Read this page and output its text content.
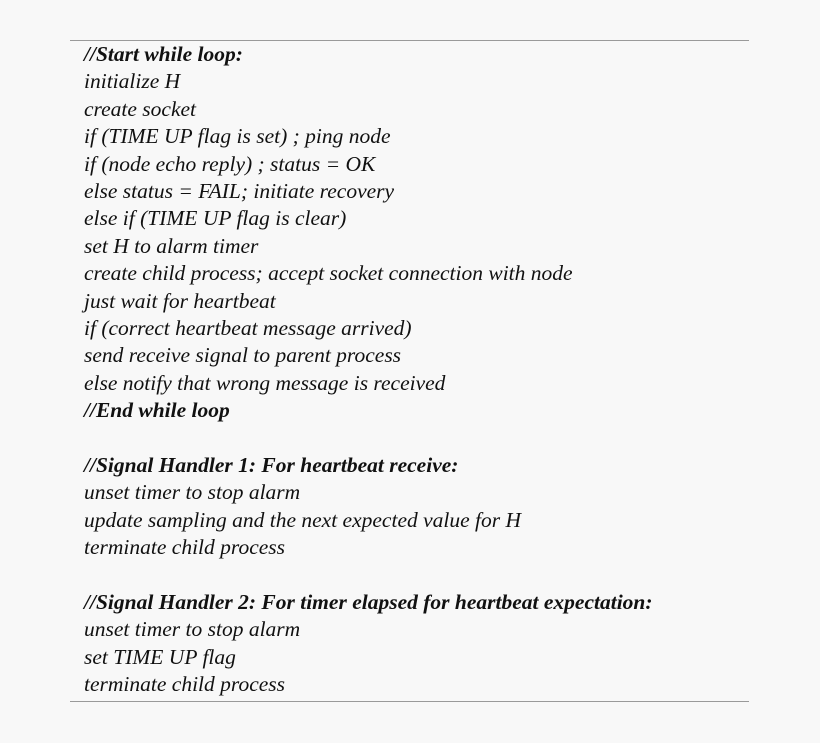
//Start while loop:
initialize H
create socket
if (TIME UP flag is set) ; ping node
if (node echo reply) ; status = OK
else status = FAIL; initiate recovery
else if (TIME UP flag is clear)
set H to alarm timer
create child process; accept socket connection with node
just wait for heartbeat
if (correct heartbeat message arrived)
send receive signal to parent process
else notify that wrong message is received
//End while loop
//Signal Handler 1: For heartbeat receive:
unset timer to stop alarm
update sampling and the next expected value for H
terminate child process
//Signal Handler 2: For timer elapsed for heartbeat expectation:
unset timer to stop alarm
set TIME UP flag
terminate child process
